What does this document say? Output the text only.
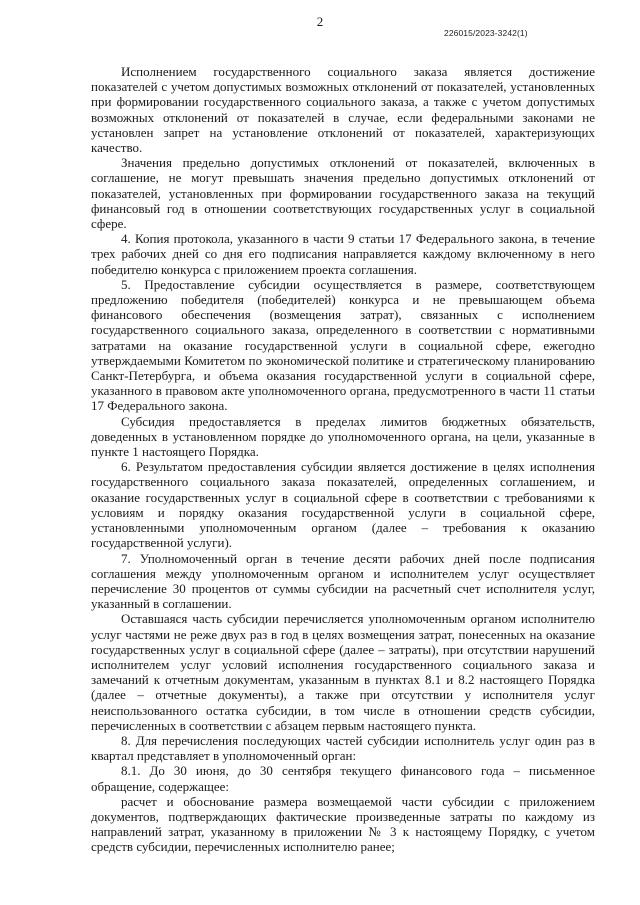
2
226015/2023-3242(1)

Исполнением государственного социального заказа является достижение показателей с учетом допустимых возможных отклонений от показателей, установленных при формировании государственного социального заказа, а также с учетом допустимых возможных отклонений от показателей в случае, если федеральными законами не установлен запрет на установление отклонений от показателей, характеризующих качество.

Значения предельно допустимых отклонений от показателей, включенных в соглашение, не могут превышать значения предельно допустимых отклонений от показателей, установленных при формировании государственного заказа на текущий финансовый год в отношении соответствующих государственных услуг в социальной сфере.

4. Копия протокола, указанного в части 9 статьи 17 Федерального закона, в течение трех рабочих дней со дня его подписания направляется каждому включенному в него победителю конкурса с приложением проекта соглашения.

5. Предоставление субсидии осуществляется в размере, соответствующем предложению победителя (победителей) конкурса и не превышающем объема финансового обеспечения (возмещения затрат), связанных с исполнением государственного социального заказа, определенного в соответствии с нормативными затратами на оказание государственной услуги в социальной сфере, ежегодно утверждаемыми Комитетом по экономической политике и стратегическому планированию Санкт-Петербурга, и объема оказания государственной услуги в социальной сфере, указанного в правовом акте уполномоченного органа, предусмотренного в части 11 статьи 17 Федерального закона.

Субсидия предоставляется в пределах лимитов бюджетных обязательств, доведенных в установленном порядке до уполномоченного органа, на цели, указанные в пункте 1 настоящего Порядка.

6. Результатом предоставления субсидии является достижение в целях исполнения государственного социального заказа показателей, определенных соглашением, и оказание государственных услуг в социальной сфере в соответствии с требованиями к условиям и порядку оказания государственной услуги в социальной сфере, установленными уполномоченным органом (далее – требования к оказанию государственной услуги).

7. Уполномоченный орган в течение десяти рабочих дней после подписания соглашения между уполномоченным органом и исполнителем услуг осуществляет перечисление 30 процентов от суммы субсидии на расчетный счет исполнителя услуг, указанный в соглашении.

Оставшаяся часть субсидии перечисляется уполномоченным органом исполнителю услуг частями не реже двух раз в год в целях возмещения затрат, понесенных на оказание государственных услуг в социальной сфере (далее – затраты), при отсутствии нарушений исполнителем услуг условий исполнения государственного социального заказа и замечаний к отчетным документам, указанным в пунктах 8.1 и 8.2 настоящего Порядка (далее – отчетные документы), а также при отсутствии у исполнителя услуг неиспользованного остатка субсидии, в том числе в отношении средств субсидии, перечисленных в соответствии с абзацем первым настоящего пункта.

8. Для перечисления последующих частей субсидии исполнитель услуг один раз в квартал представляет в уполномоченный орган:

8.1. До 30 июня, до 30 сентября текущего финансового года – письменное обращение, содержащее:

расчет и обоснование размера возмещаемой части субсидии с приложением документов, подтверждающих фактические произведенные затраты по каждому из направлений затрат, указанному в приложении № 3 к настоящему Порядку, с учетом средств субсидии, перечисленных исполнителю ранее;
